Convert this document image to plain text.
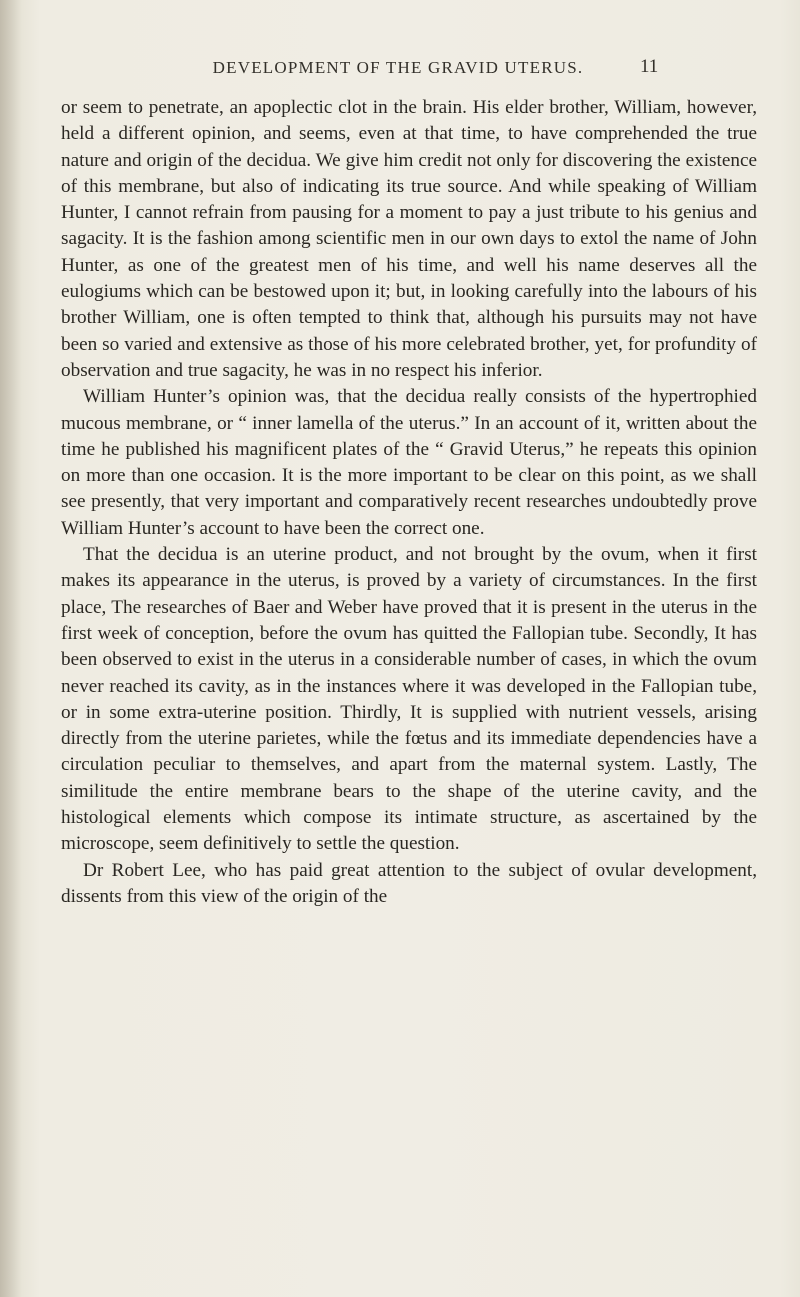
DEVELOPMENT OF THE GRAVID UTERUS.	11

or seem to penetrate, an apoplectic clot in the brain. His elder brother, William, however, held a different opinion, and seems, even at that time, to have comprehended the true nature and origin of the decidua. We give him credit not only for discovering the existence of this membrane, but also of indicating its true source. And while speaking of William Hunter, I cannot refrain from pausing for a moment to pay a just tribute to his genius and sagacity. It is the fashion among scientific men in our own days to extol the name of John Hunter, as one of the greatest men of his time, and well his name deserves all the eulogiums which can be bestowed upon it; but, in looking carefully into the labours of his brother William, one is often tempted to think that, although his pursuits may not have been so varied and extensive as those of his more celebrated brother, yet, for profundity of observation and true sagacity, he was in no respect his inferior.

William Hunter’s opinion was, that the decidua really consists of the hypertrophied mucous membrane, or “ inner lamella of the uterus.” In an account of it, written about the time he published his magnificent plates of the “ Gravid Uterus,” he repeats this opinion on more than one occasion. It is the more important to be clear on this point, as we shall see presently, that very important and comparatively recent researches undoubtedly prove William Hunter’s account to have been the correct one.

That the decidua is an uterine product, and not brought by the ovum, when it first makes its appearance in the uterus, is proved by a variety of circumstances. In the first place, The researches of Baer and Weber have proved that it is present in the uterus in the first week of conception, before the ovum has quitted the Fallopian tube. Secondly, It has been observed to exist in the uterus in a considerable number of cases, in which the ovum never reached its cavity, as in the instances where it was developed in the Fallopian tube, or in some extra-uterine position. Thirdly, It is supplied with nutrient vessels, arising directly from the uterine parietes, while the fœtus and its immediate dependencies have a circulation peculiar to themselves, and apart from the maternal system. Lastly, The similitude the entire membrane bears to the shape of the uterine cavity, and the histological elements which compose its intimate structure, as ascertained by the microscope, seem definitively to settle the question.

Dr Robert Lee, who has paid great attention to the subject of ovular development, dissents from this view of the origin of the
